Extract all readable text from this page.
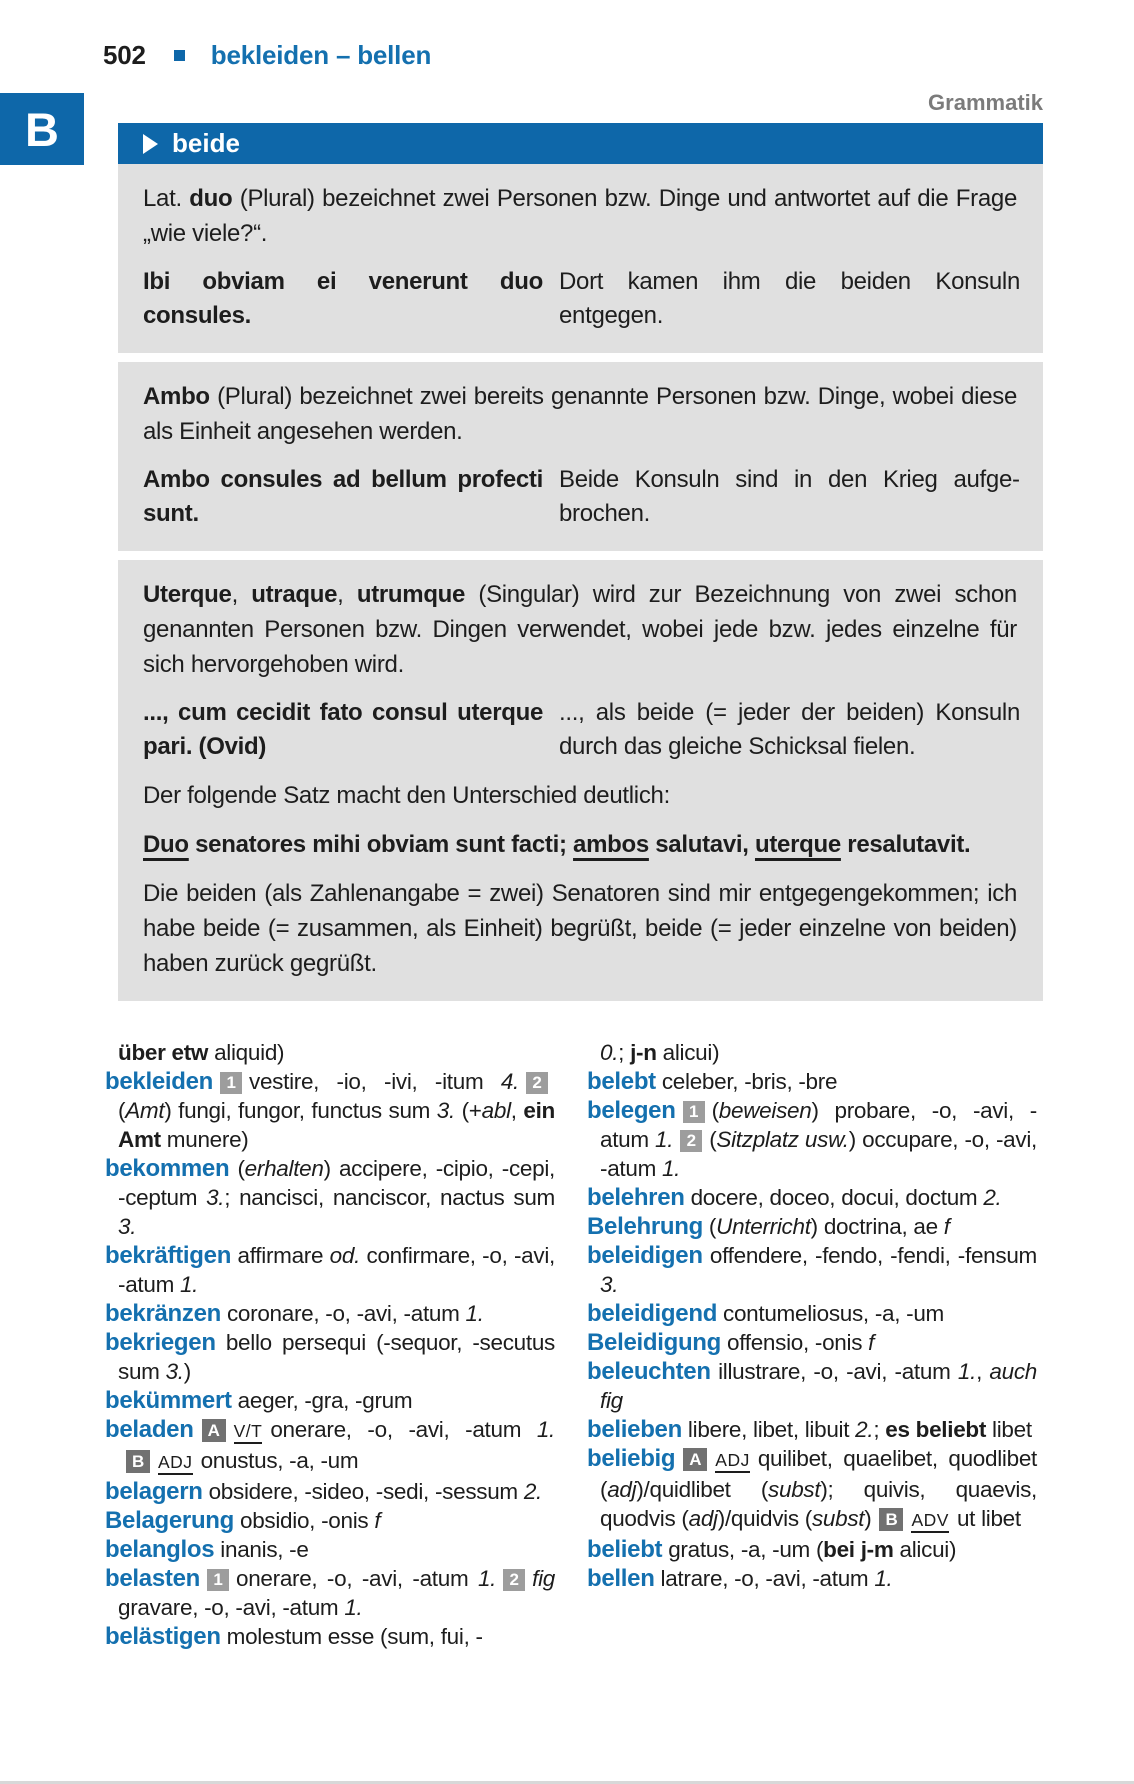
502	bekleiden – bellen
B	Grammatik
beide
Lat. duo (Plural) bezeichnet zwei Personen bzw. Dinge und antwortet auf die Frage „wie viele?“.
Ibi obviam ei venerunt duo consules.
Dort kamen ihm die beiden Konsuln entgegen.
Ambo (Plural) bezeichnet zwei bereits genannte Personen bzw. Dinge, wobei diese als Einheit angesehen werden.
Ambo consules ad bellum profecti sunt.
Beide Konsuln sind in den Krieg aufgebrochen.
Uterque, utraque, utrumque (Singular) wird zur Bezeichnung von zwei schon genannten Personen bzw. Dingen verwendet, wobei jede bzw. jedes einzelne für sich hervorgehoben wird.
..., cum cecidit fato consul uterque pari. (Ovid)
..., als beide (= jeder der beiden) Konsuln durch das gleiche Schicksal fielen.
Der folgende Satz macht den Unterschied deutlich:
Duo senatores mihi obviam sunt facti; ambos salutavi, uterque resalutavit.
Die beiden (als Zahlenangabe = zwei) Senatoren sind mir entgegengekommen; ich habe beide (= zusammen, als Einheit) begrüßt, beide (= jeder einzelne von beiden) haben zurück gegrüßt.
über etw aliquid)
bekleiden 1 vestire, -io, -ivi, -itum 4. 2(Amt) fungi, fungor, functus sum 3. (+abl, ein Amt munere)
bekommen (erhalten) accipere, -cipio, -cepi, -ceptum 3.; nancisci, nanciscor, nactus sum 3.
bekräftigen affirmare od. confirmare, -o, -avi, -atum 1.
bekränzen coronare, -o, -avi, -atum 1.
bekriegen bello persequi (-sequor, -secutus sum 3.)
bekümmert aeger, -gra, -grum
beladen A V/T onerare, -o, -avi, -atum 1.B ADJ onustus, -a, -um
belagern obsidere, -sideo, -sedi, -sessum 2.
Belagerung obsidio, -onis f
belanglos inanis, -e
belasten 1 onerare, -o, -avi, -atum 1. 2 fig gravare, -o, -avi, -atum 1.
belästigen molestum esse (sum, fui, -
0.; j-n alicui)
belebt celeber, -bris, -bre
belegen 1 (beweisen) probare, -o, -avi, -atum 1. 2 (Sitzplatz usw.) occupare, -o, -avi, -atum 1.
belehren docere, doceo, docui, doctum 2.
Belehrung (Unterricht) doctrina, ae f
beleidigen offendere, -fendo, -fendi, -fensum 3.
beleidigend contumeliosus, -a, -um
Beleidigung offensio, -onis f
beleuchten illustrare, -o, -avi, -atum 1., auch fig
belieben libere, libet, libuit 2.; es beliebt libet
beliebig A ADJ quilibet, quaelibet, quodlibet (adj)/quidlibet (subst); quivis, quaevis, quodvis (adj)/quidvis (subst) B ADV ut libet
beliebt gratus, -a, -um (bei j-m alicui)
bellen latrare, -o, -avi, -atum 1.
